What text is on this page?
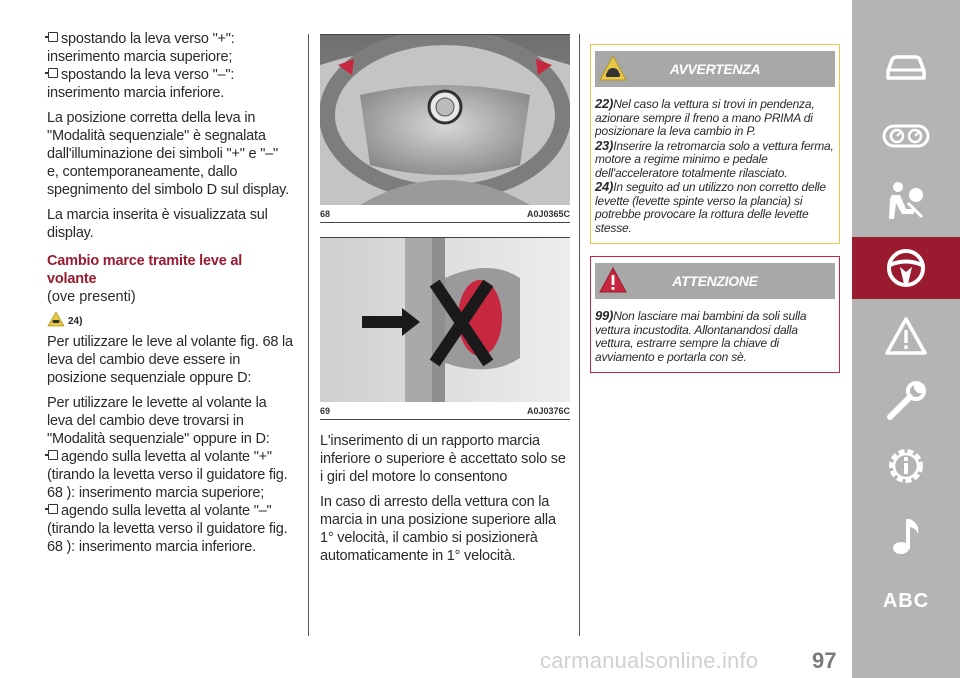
spostando la leva verso "+":
inserimento marcia superiore;
spostando la leva verso "–":
inserimento marcia inferiore.

La posizione corretta della leva in "Modalità sequenziale" è segnalata dall'illuminazione dei simboli "+" e "–" e, contemporaneamente, dallo spegnimento del simbolo D sul display.

La marcia inserita è visualizzata sul display.

Cambio marce tramite leve al volante
(ove presenti)
24)

Per utilizzare le leve al volante fig. 68 la leva del cambio deve essere in posizione sequenziale oppure D:

Per utilizzare le levette al volante la leva del cambio deve trovarsi in "Modalità sequenziale" oppure in D:

agendo sulla levetta al volante "+"
(tirando la levetta verso il guidatore fig. 68 ): inserimento marcia superiore;
agendo sulla levetta al volante "–"
(tirando la levetta verso il guidatore fig. 68 ): inserimento marcia inferiore.
68	A0J0365C
69	A0J0376C

L'inserimento di un rapporto marcia inferiore o superiore è accettato solo se i giri del motore lo consentono

In caso di arresto della vettura con la marcia in una posizione superiore alla 1° velocità, il cambio si posizionerà automaticamente in 1° velocità.

AVVERTENZA

22)Nel caso la vettura si trovi in pendenza, azionare sempre il freno a mano PRIMA di posizionare la leva cambio in P.

23)Inserire la retromarcia solo a vettura ferma, motore a regime minimo e pedale dell'acceleratore totalmente rilasciato.

24)In seguito ad un utilizzo non corretto delle levette (levette spinte verso la plancia) si potrebbe provocare la rottura delle levette stesse.

ATTENZIONE

99)Non lasciare mai bambini da soli sulla vettura incustodita. Allontanandosi dalla vettura, estrarre sempre la chiave di avviamento e portarla con sè.

ABC
carmanualsonline.info 97
